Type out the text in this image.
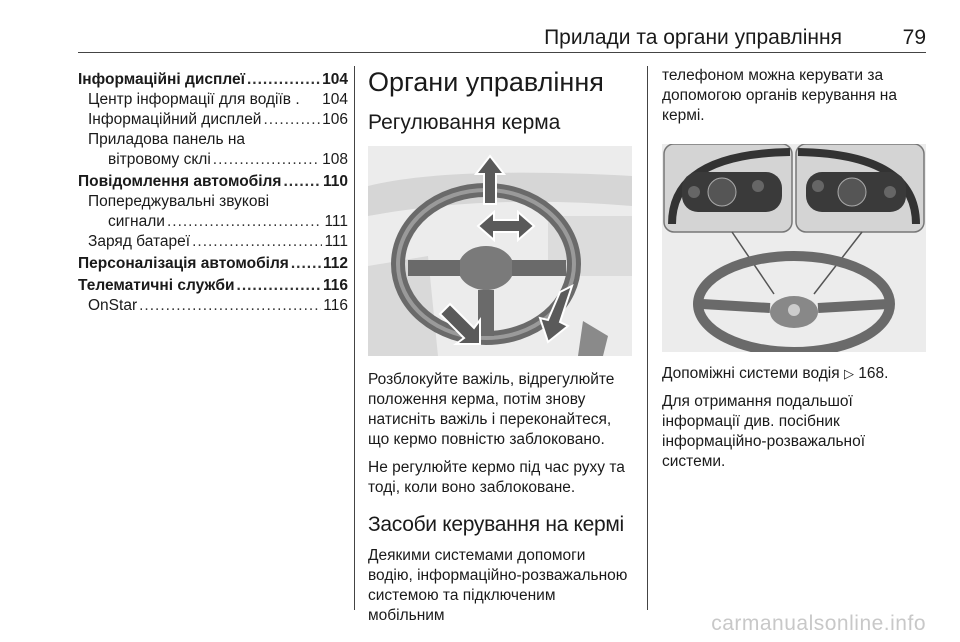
Прилади та органи управління	79
Інформаційні дисплеї .....	104
Центр інформації для водіїв . 104
Інформаційний дисплей .....	106
Приладова панель на
вітровому склі .....	108
Повідомлення автомобіля .....	110
Попереджувальні звукові
сигнали .....	111
Заряд батареї .....	111
Персоналізація автомобіля ..... 112
Телематичні служби .....	116
OnStar .....	116
Органи управління
Регулювання керма

Розблокуйте важіль, відрегулюйте положення керма, потім знову натисніть важіль і переконайтеся, що кермо повністю заблоковано.

Не регулюйте кермо під час руху та тоді, коли воно заблоковане.

Засоби керування на кермі

Деякими системами допомоги водію, інформаційно-розважальною системою та підключеним мобільним

телефоном можна керувати за допомогою органів керування на кермі.

Допоміжні системи водія ▷ 168.

Для отримання подальшої інформації див. посібник інформаційно-розважальної системи.

carmanualsonline.info
